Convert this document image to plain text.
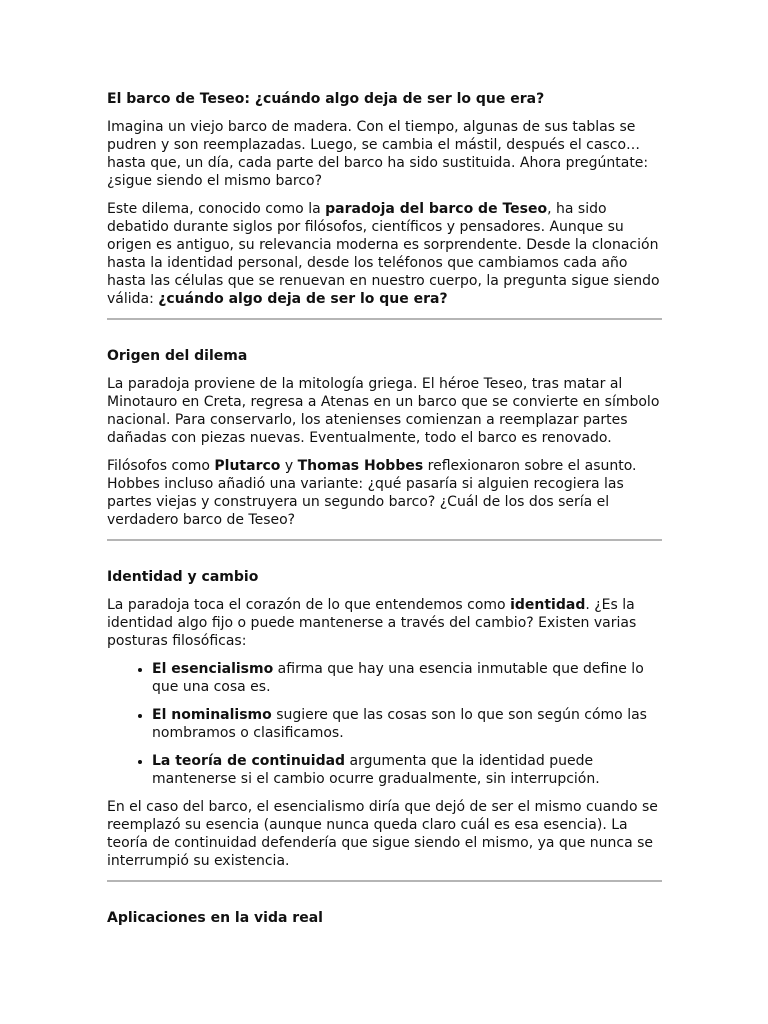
El barco de Teseo: ¿cuándo algo deja de ser lo que era?

Imagina un viejo barco de madera. Con el tiempo, algunas de sus tablas se pudren y son reemplazadas. Luego, se cambia el mástil, después el casco… hasta que, un día, cada parte del barco ha sido sustituida. Ahora pregúntate: ¿sigue siendo el mismo barco?

Este dilema, conocido como la paradoja del barco de Teseo, ha sido debatido durante siglos por filósofos, científicos y pensadores. Aunque su origen es antiguo, su relevancia moderna es sorprendente. Desde la clonación hasta la identidad personal, desde los teléfonos que cambiamos cada año hasta las células que se renuevan en nuestro cuerpo, la pregunta sigue siendo válida: ¿cuándo algo deja de ser lo que era?

Origen del dilema

La paradoja proviene de la mitología griega. El héroe Teseo, tras matar al Minotauro en Creta, regresa a Atenas en un barco que se convierte en símbolo nacional. Para conservarlo, los atenienses comienzan a reemplazar partes dañadas con piezas nuevas. Eventualmente, todo el barco es renovado.

Filósofos como Plutarco y Thomas Hobbes reflexionaron sobre el asunto. Hobbes incluso añadió una variante: ¿qué pasaría si alguien recogiera las partes viejas y construyera un segundo barco? ¿Cuál de los dos sería el verdadero barco de Teseo?

Identidad y cambio

La paradoja toca el corazón de lo que entendemos como identidad. ¿Es la identidad algo fijo o puede mantenerse a través del cambio? Existen varias posturas filosóficas:

• El esencialismo afirma que hay una esencia inmutable que define lo que una cosa es.
• El nominalismo sugiere que las cosas son lo que son según cómo las nombramos o clasificamos.
• La teoría de continuidad argumenta que la identidad puede mantenerse si el cambio ocurre gradualmente, sin interrupción.

En el caso del barco, el esencialismo diría que dejó de ser el mismo cuando se reemplazó su esencia (aunque nunca queda claro cuál es esa esencia). La teoría de continuidad defendería que sigue siendo el mismo, ya que nunca se interrumpió su existencia.

Aplicaciones en la vida real
